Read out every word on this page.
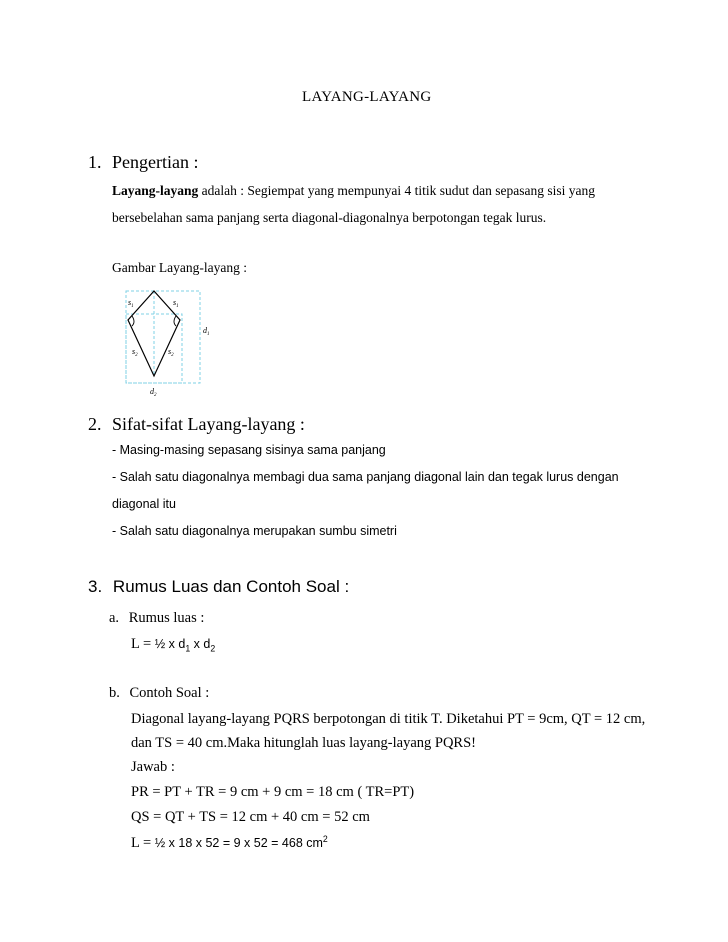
LAYANG-LAYANG
1. Pengertian :
Layang-layang adalah : Segiempat yang mempunyai 4 titik sudut dan sepasang sisi yang
bersebelahan sama panjang serta diagonal-diagonalnya berpotongan tegak lurus.
Gambar Layang-layang :
$s_1$	$s_1$
$s_2$	$s_2$
$d_1$
$d_2$
2. Sifat-sifat Layang-layang :
- Masing-masing sepasang sisinya sama panjang
- Salah satu diagonalnya membagi dua sama panjang diagonal lain dan tegak lurus dengan
diagonal itu
- Salah satu diagonalnya merupakan sumbu simetri
3. Rumus Luas dan Contoh Soal :
a. Rumus luas :
L = ½ x $d_1$ x $d_2$
b. Contoh Soal :
Diagonal layang-layang PQRS berpotongan di titik T. Diketahui PT = 9cm, QT = 12 cm,
dan TS = 40 cm.Maka hitunglah luas layang-layang PQRS!
Jawab :
PR = PT + TR = 9 cm + 9 cm = 18 cm ( TR=PT)
QS = QT + TS = 12 cm + 40 cm = 52 cm
L = ½ x 18 x 52 = 9 x 52 = 468 $cm^2$
